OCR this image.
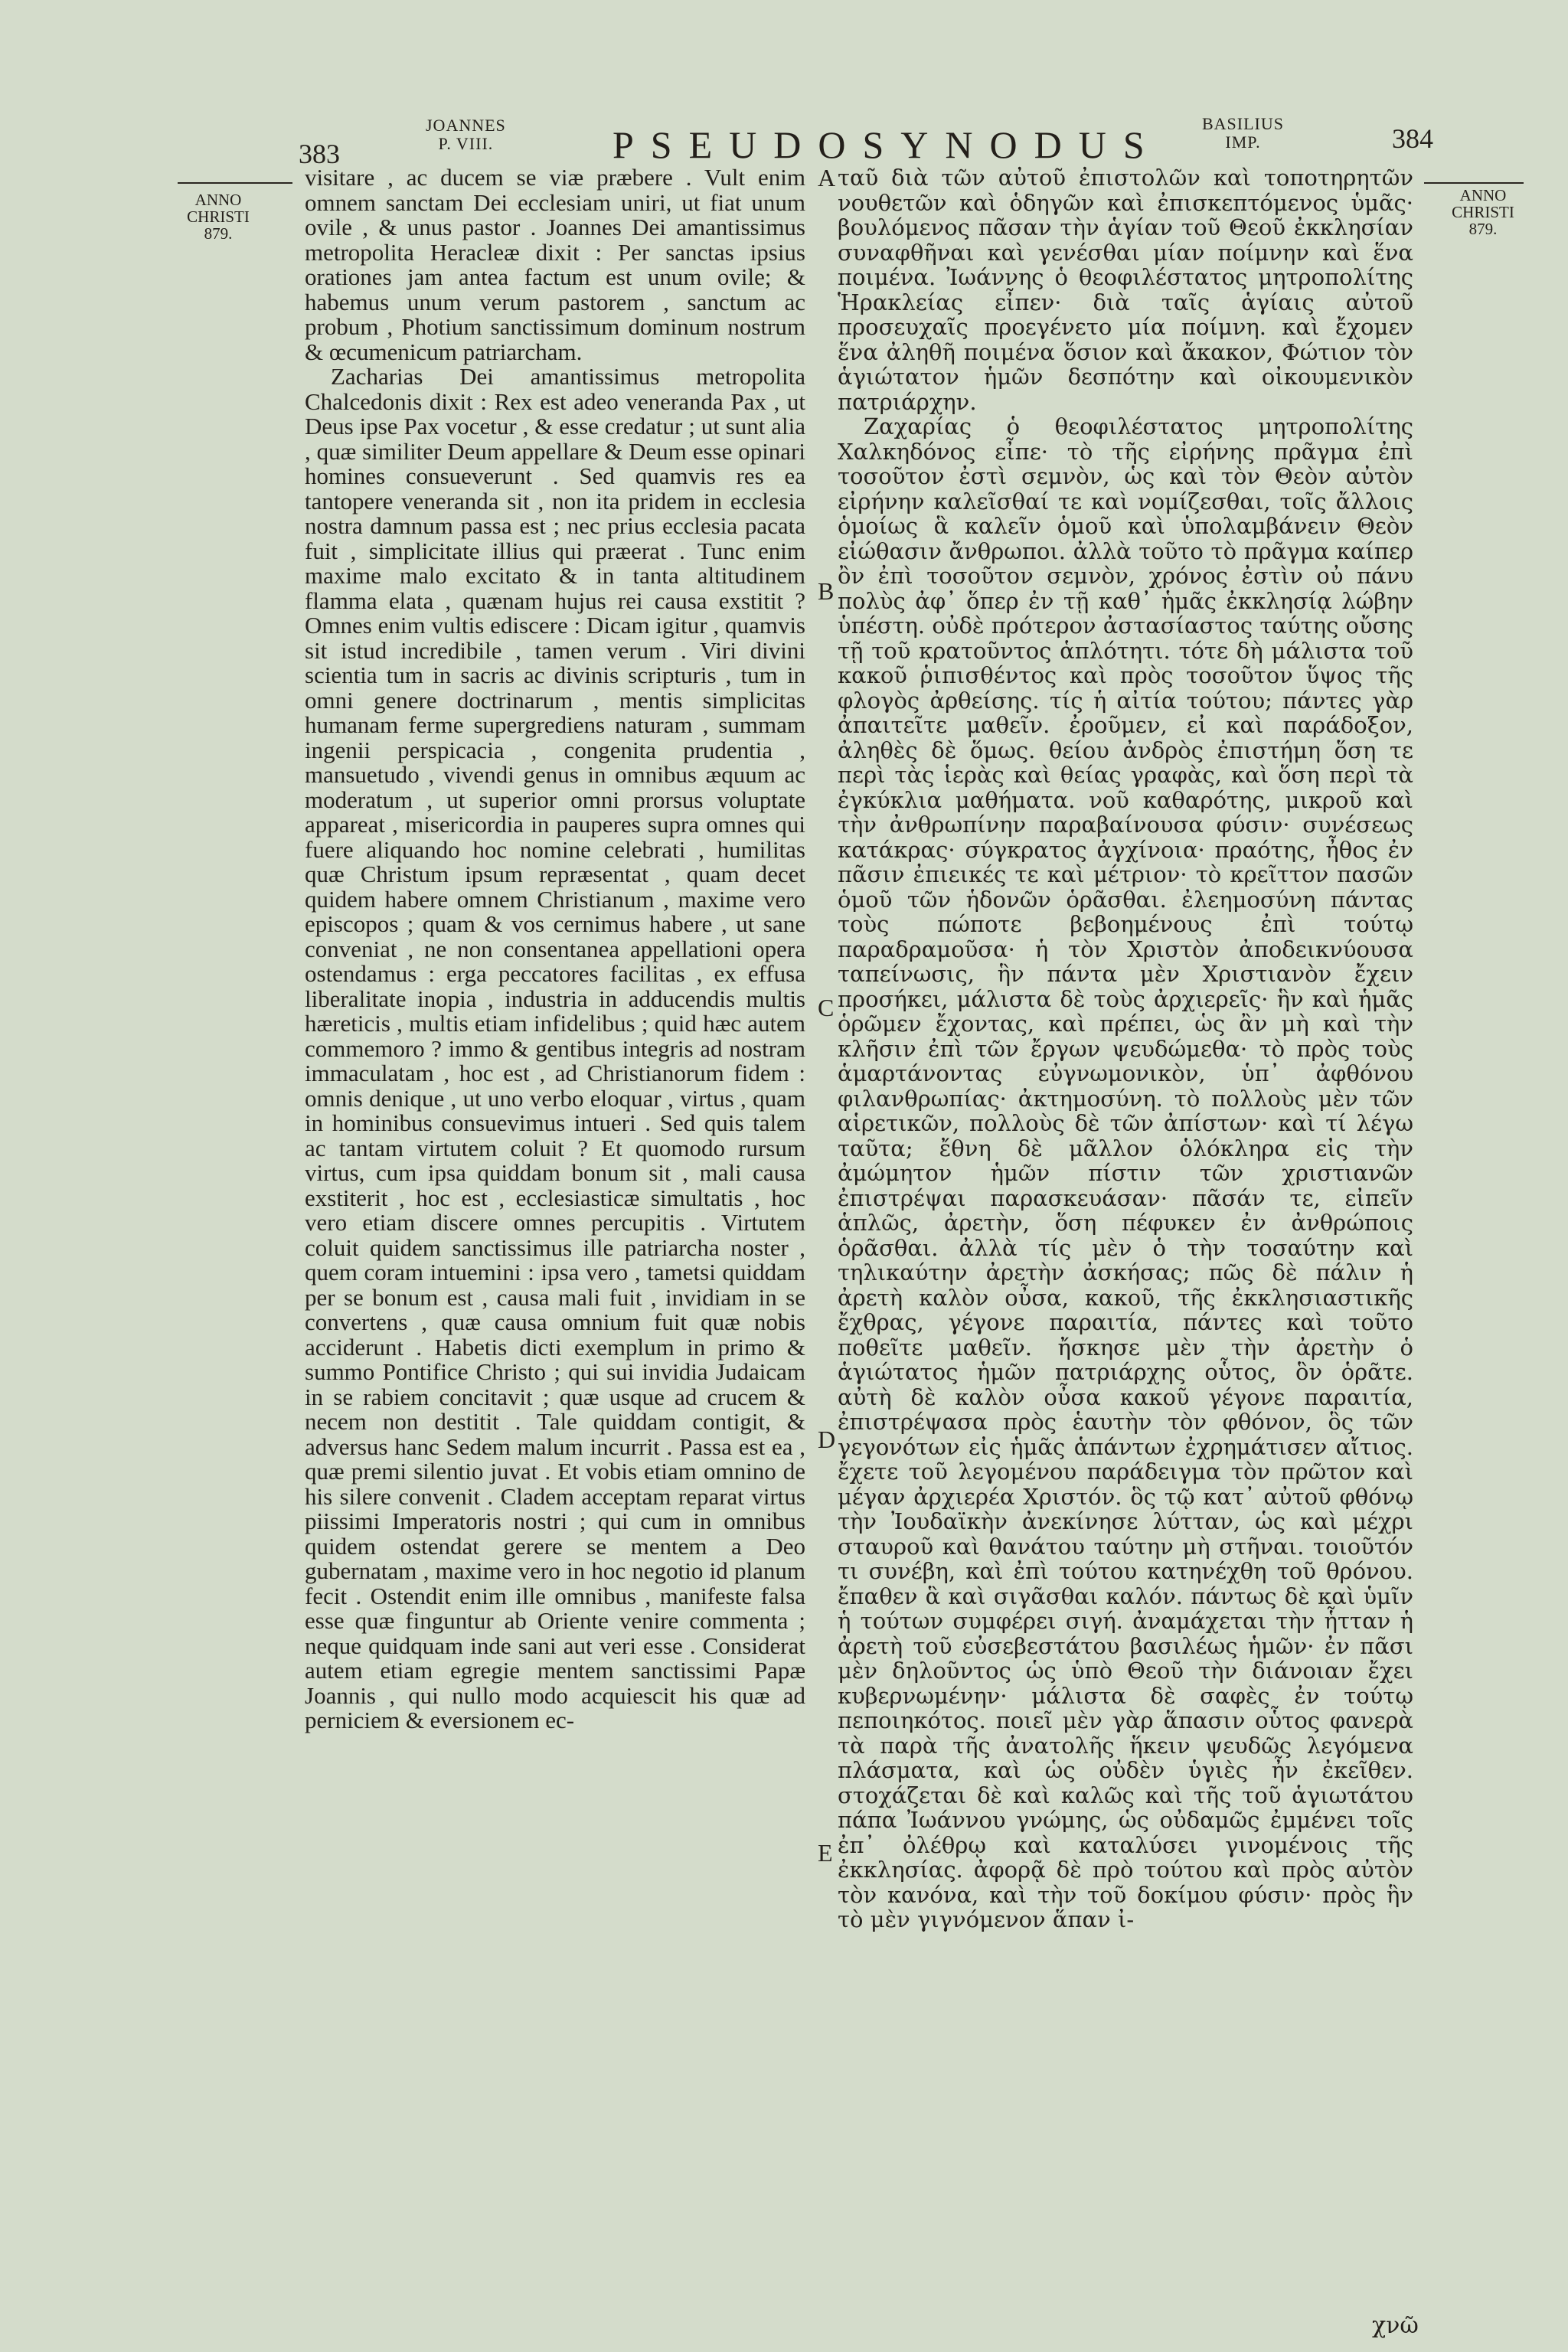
383
JOANNES
P. VIII.	PSEUDOSYNODUS BASILIUS
IMP.	384
ANNO
CHRISTI
879.
ANNO
CHRISTI
879.
A
B
C
D
E

visitare , ac ducem se viæ præbere . Vult enim omnem sanctam Dei ecclesiam uniri, ut fiat unum ovile , & unus pastor . Joannes Dei amantissimus metropolita Heracleæ dixit : Per sanctas ipsius orationes jam antea factum est unum ovile; & habemus unum verum pastorem , sanctum ac probum , Photium sanctissimum dominum nostrum & œcumenicum patriarcham.

Zacharias Dei amantissimus metropolita Chalcedonis dixit : Rex est adeo veneranda Pax , ut Deus ipse Pax vocetur , & esse credatur ; ut sunt alia , quæ similiter Deum appellare & Deum esse opinari homines consueverunt . Sed quamvis res ea tantopere veneranda sit , non ita pridem in ecclesia nostra damnum passa est ; nec prius ecclesia pacata fuit , simplicitate illius qui præerat . Tunc enim maxime malo excitato & in tanta altitudinem flamma elata , quænam hujus rei causa exstitit ? Omnes enim vultis ediscere : Dicam igitur , quamvis sit istud incredibile , tamen verum . Viri divini scientia tum in sacris ac divinis scripturis , tum in omni genere doctrinarum , mentis simplicitas humanam ferme supergrediens naturam , summam ingenii perspicacia , congenita prudentia , mansuetudo , vivendi genus in omnibus æquum ac moderatum , ut superior omni prorsus voluptate appareat , misericordia in pauperes supra omnes qui fuere aliquando hoc nomine celebrati , humilitas quæ Christum ipsum repræsentat , quam decet quidem habere omnem Christianum , maxime vero episcopos ; quam & vos cernimus habere , ut sane conveniat , ne non consentanea appellationi opera ostendamus : erga peccatores facilitas , ex effusa liberalitate inopia , industria in adducendis multis hæreticis , multis etiam infidelibus ; quid hæc autem commemoro ? immo & gentibus integris ad nostram immaculatam , hoc est , ad Christianorum fidem : omnis denique , ut uno verbo eloquar , virtus , quam in hominibus consuevimus intueri . Sed quis talem ac tantam virtutem coluit ? Et quomodo rursum virtus, cum ipsa quiddam bonum sit , mali causa exstiterit , hoc est , ecclesiasticæ simultatis , hoc vero etiam discere omnes percupitis . Virtutem coluit quidem sanctissimus ille patriarcha noster , quem coram intuemini : ipsa vero , tametsi quiddam per se bonum est , causa mali fuit , invidiam in se convertens , quæ causa omnium fuit quæ nobis acciderunt . Habetis dicti exemplum in primo & summo Pontifice Christo ; qui sui invidia Judaicam in se rabiem concitavit ; quæ usque ad crucem & necem non destitit . Tale quiddam contigit, & adversus hanc Sedem malum incurrit . Passa est ea , quæ premi silentio juvat . Et vobis etiam omnino de his silere convenit . Cladem acceptam reparat virtus piissimi Imperatoris nostri ; qui cum in omnibus quidem ostendat gerere se mentem a Deo gubernatam , maxime vero in hoc negotio id planum fecit . Ostendit enim ille omnibus , manifeste falsa esse quæ finguntur ab Oriente venire commenta ; neque quidquam inde sani aut veri esse . Considerat autem etiam egregie mentem sanctissimi Papæ Joannis , qui nullo modo acquiescit his quæ ad perniciem & eversionem ec-

ταῦ διὰ τῶν αὐτοῦ ἐπιστολῶν καὶ τοποτηρητῶν νουθετῶν καὶ ὁδηγῶν καὶ ἐπισκεπτόμενος ὑμᾶς· βουλόμενος πᾶσαν τὴν ἁγίαν τοῦ Θεοῦ ἐκκλησίαν συναφθῆναι καὶ γενέσθαι μίαν ποίμνην καὶ ἕνα ποιμένα. Ἰωάννης ὁ θεοφιλέστατος μητροπολίτης Ἡρακλείας εἶπεν· διὰ ταῖς ἁγίαις αὐτοῦ προσευχαῖς προεγένετο μία ποίμνη. καὶ ἔχομεν ἕνα ἀληθῆ ποιμένα ὅσιον καὶ ἄκακον, Φώτιον τὸν ἁγιώτατον ἡμῶν δεσπότην καὶ οἰκουμενικὸν πατριάρχην.

Ζαχαρίας ὁ θεοφιλέστατος μητροπολίτης Χαλκηδόνος εἶπε· τὸ τῆς εἰρήνης πρᾶγμα ἐπὶ τοσοῦτον ἐστὶ σεμνὸν, ὡς καὶ τὸν Θεὸν αὐτὸν εἰρήνην καλεῖσθαί τε καὶ νομίζεσθαι, τοῖς ἄλλοις ὁμοίως ἃ καλεῖν ὁμοῦ καὶ ὑπολαμβάνειν Θεὸν εἰώθασιν ἄνθρωποι. ἀλλὰ τοῦτο τὸ πρᾶγμα καίπερ ὂν ἐπὶ τοσοῦτον σεμνὸν, χρόνος ἐστὶν οὐ πάνυ πολὺς ἀφ᾽ ὅπερ ἐν τῇ καθ᾽ ἡμᾶς ἐκκλησίᾳ λώβην ὑπέστη. οὐδὲ πρότερον ἀστασίαστος ταύτης οὔσης τῇ τοῦ κρατοῦντος ἁπλότητι. τότε δὴ μάλιστα τοῦ κακοῦ ῥιπισθέντος καὶ πρὸς τοσοῦτον ὕψος τῆς φλογὸς ἀρθείσης. τίς ἡ αἰτία τούτου; πάντες γὰρ ἀπαιτεῖτε μαθεῖν. ἐροῦμεν, εἰ καὶ παράδοξον, ἀληθὲς δὲ ὅμως. θείου ἀνδρὸς ἐπιστήμη ὅση τε περὶ τὰς ἱερὰς καὶ θείας γραφὰς, καὶ ὅση περὶ τὰ ἐγκύκλια μαθήματα. νοῦ καθαρότης, μικροῦ καὶ τὴν ἀνθρωπίνην παραβαίνουσα φύσιν· συνέσεως κατάκρας· σύγκρατος ἀγχίνοια· πραότης, ἦθος ἐν πᾶσιν ἐπιεικές τε καὶ μέτριον· τὸ κρεῖττον πασῶν ὁμοῦ τῶν ἡδονῶν ὁρᾶσθαι. ἐλεημοσύνη πάντας τοὺς πώποτε βεβοημένους ἐπὶ τούτῳ παραδραμοῦσα· ἡ τὸν Χριστὸν ἀποδεικνύουσα ταπείνωσις, ἣν πάντα μὲν Χριστιανὸν ἔχειν προσήκει, μάλιστα δὲ τοὺς ἀρχιερεῖς· ἣν καὶ ἡμᾶς ὁρῶμεν ἔχοντας, καὶ πρέπει, ὡς ἂν μὴ καὶ τὴν κλῆσιν ἐπὶ τῶν ἔργων ψευδώμεθα· τὸ πρὸς τοὺς ἁμαρτάνοντας εὐγνωμονικὸν, ὑπ᾽ ἀφθόνου φιλανθρωπίας· ἀκτημοσύνη. τὸ πολλοὺς μὲν τῶν αἱρετικῶν, πολλοὺς δὲ τῶν ἀπίστων· καὶ τί λέγω ταῦτα; ἔθνη δὲ μᾶλλον ὁλόκληρα εἰς τὴν ἀμώμητον ἡμῶν πίστιν τῶν χριστιανῶν ἐπιστρέψαι παρασκευάσαν· πᾶσάν τε, εἰπεῖν ἁπλῶς, ἀρετὴν, ὅση πέφυκεν ἐν ἀνθρώποις ὁρᾶσθαι. ἀλλὰ τίς μὲν ὁ τὴν τοσαύτην καὶ τηλικαύτην ἀρετὴν ἀσκήσας; πῶς δὲ πάλιν ἡ ἀρετὴ καλὸν οὖσα, κακοῦ, τῆς ἐκκλησιαστικῆς ἔχθρας, γέγονε παραιτία, πάντες καὶ τοῦτο ποθεῖτε μαθεῖν. ἤσκησε μὲν τὴν ἀρετὴν ὁ ἁγιώτατος ἡμῶν πατριάρχης οὗτος, ὃν ὁρᾶτε. αὐτὴ δὲ καλὸν οὖσα κακοῦ γέγονε παραιτία, ἐπιστρέψασα πρὸς ἑαυτὴν τὸν φθόνον, ὃς τῶν γεγονότων εἰς ἡμᾶς ἁπάντων ἐχρημάτισεν αἴτιος. ἔχετε τοῦ λεγομένου παράδειγμα τὸν πρῶτον καὶ μέγαν ἀρχιερέα Χριστόν. ὃς τῷ κατ᾽ αὐτοῦ φθόνῳ τὴν Ἰουδαϊκὴν ἀνεκίνησε λύτταν, ὡς καὶ μέχρι σταυροῦ καὶ θανάτου ταύτην μὴ στῆναι. τοιοῦτόν τι συνέβη, καὶ ἐπὶ τούτου κατηνέχθη τοῦ θρόνου. ἔπαθεν ἃ καὶ σιγᾶσθαι καλόν. πάντως δὲ καὶ ὑμῖν ἡ τούτων συμφέρει σιγή. ἀναμάχεται τὴν ἧτταν ἡ ἀρετὴ τοῦ εὐσεβεστάτου βασιλέως ἡμῶν· ἐν πᾶσι μὲν δηλοῦντος ὡς ὑπὸ Θεοῦ τὴν διάνοιαν ἔχει κυβερνωμένην· μάλιστα δὲ σαφὲς ἐν τούτῳ πεποιηκότος. ποιεῖ μὲν γὰρ ἅπασιν οὗτος φανερὰ τὰ παρὰ τῆς ἀνατολῆς ἥκειν ψευδῶς λεγόμενα πλάσματα, καὶ ὡς οὐδὲν ὑγιὲς ἦν ἐκεῖθεν. στοχάζεται δὲ καὶ καλῶς καὶ τῆς τοῦ ἁγιωτάτου πάπα Ἰωάννου γνώμης, ὡς οὐδαμῶς ἐμμένει τοῖς ἐπ᾽ ὀλέθρῳ καὶ καταλύσει γινομένοις τῆς ἐκκλησίας. ἀφορᾷ δὲ πρὸ τούτου καὶ πρὸς αὐτὸν τὸν κανόνα, καὶ τὴν τοῦ δοκίμου φύσιν· πρὸς ἣν τὸ μὲν γιγνόμενον ἅπαν ἰ-

χνῶ
